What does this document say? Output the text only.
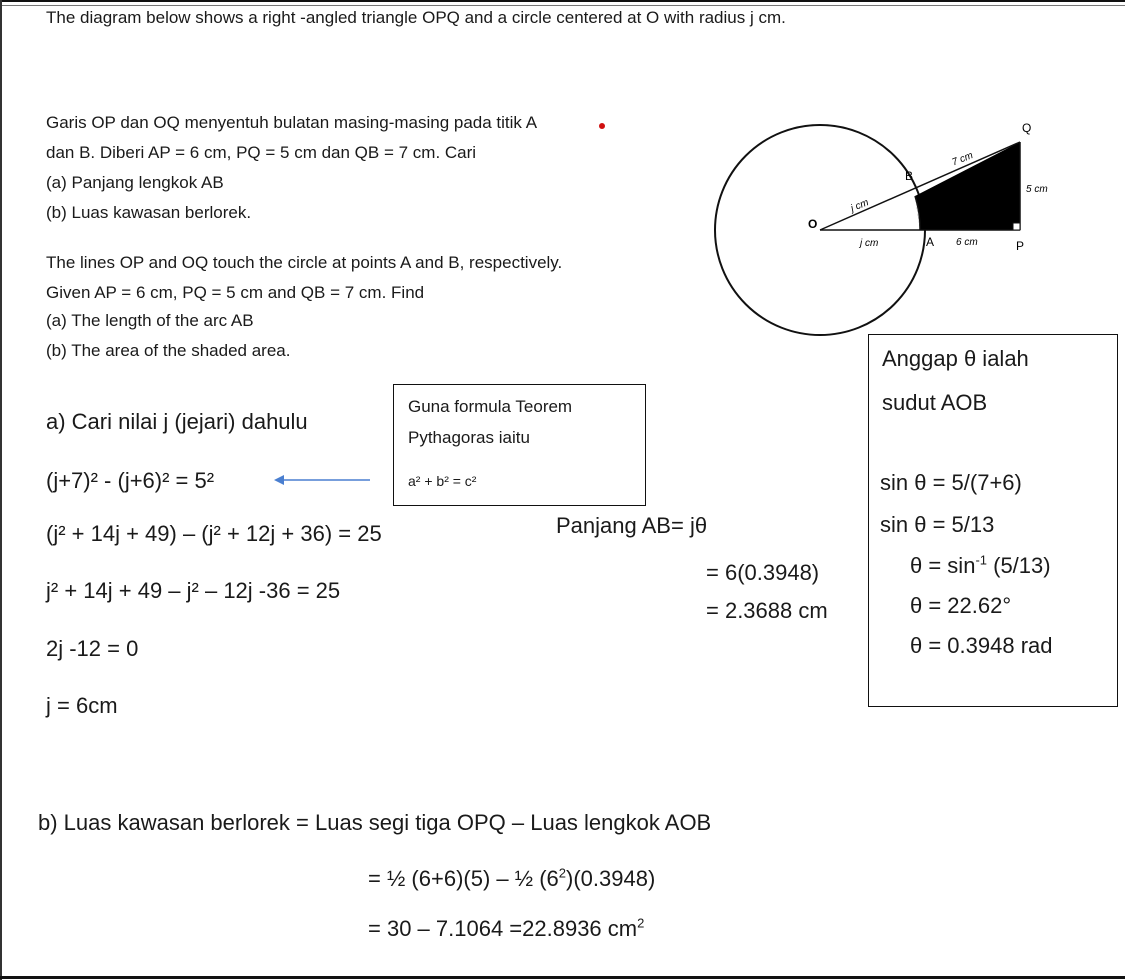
The diagram below shows a right -angled triangle OPQ and a circle centered at O with radius j cm.
Garis OP dan OQ menyentuh bulatan masing-masing pada titik A
dan B. Diberi AP = 6 cm, PQ = 5 cm dan QB = 7 cm. Cari
(a) Panjang lengkok AB
(b) Luas kawasan berlorek.
The lines OP and OQ touch the circle at points A and B, respectively.
Given AP = 6 cm, PQ = 5 cm and QB = 7 cm. Find
(a) The length of the arc AB
(b) The area of the shaded area.
O
A
B
P
Q
7 cm
5 cm
6 cm
j cm
j cm
Anggap θ ialah
sudut AOB
sin θ = 5/(7+6)
sin θ = 5/13
$\theta = \sin^{-1} (5/13)$
θ = 22.62°
θ = 0.3948 rad
Guna formula Teorem
Pythagoras iaitu
a² + b² = c²
a) Cari nilai j (jejari) dahulu
(j+7)² - (j+6)² = 5²
(j² + 14j + 49) – (j² + 12j + 36) = 25
j² + 14j + 49 – j² – 12j -36 = 25
2j -12 = 0
j = 6cm
Panjang AB= jθ
= 6(0.3948)
= 2.3688 cm
b) Luas kawasan berlorek = Luas segi tiga OPQ – Luas lengkok AOB
= ½ (6+6)(5) – ½ $(6^2)(0.3948)$
= 30 – 7.1064 =22.8936 $cm^2$
